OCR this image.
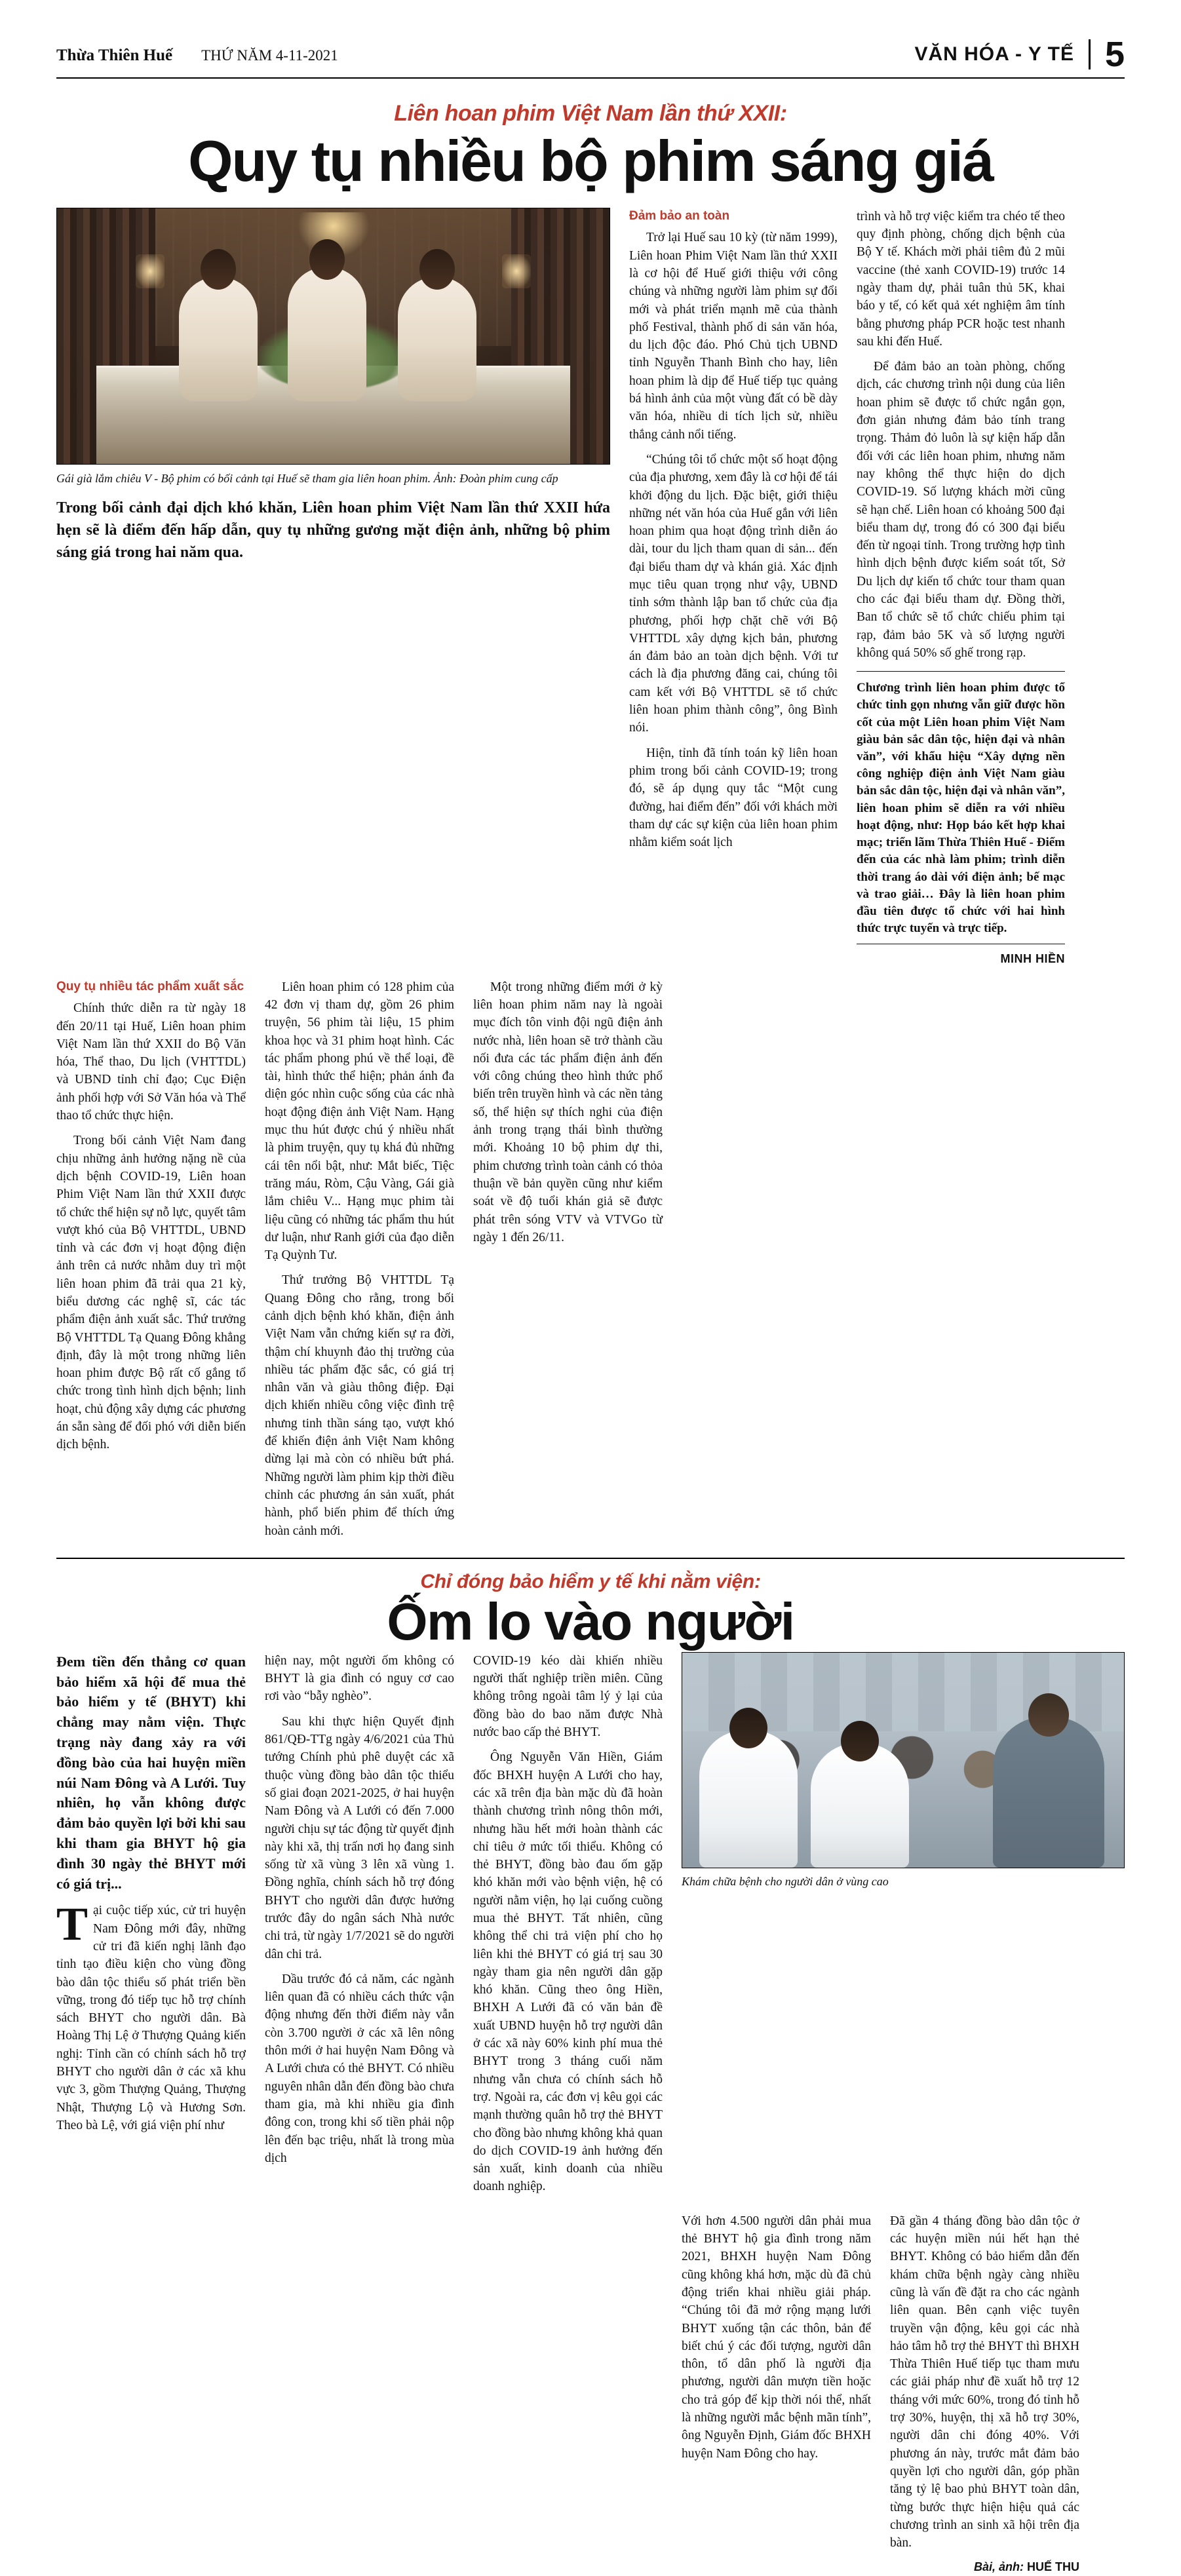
Thừa Thiên Huế THỨ NĂM 4-11-2021	VĂN HÓA - Y TẾ 5
Liên hoan phim Việt Nam lần thứ XXII:
Quy tụ nhiều bộ phim sáng giá
Gái già lắm chiêu V - Bộ phim có bối cảnh tại Huế sẽ tham gia liên hoan phim. Ảnh: Đoàn phim cung cấp
Trong bối cảnh đại dịch khó khăn, Liên hoan phim Việt Nam lần thứ XXII hứa hẹn sẽ là điểm đến hấp dẫn, quy tụ những gương mặt điện ảnh, những bộ phim sáng giá trong hai năm qua.
Đảm bảo an toàn

Trở lại Huế sau 10 kỳ (từ năm 1999), Liên hoan Phim Việt Nam lần thứ XXII là cơ hội để Huế giới thiệu với công chúng và những người làm phim sự đổi mới và phát triển mạnh mẽ của thành phố Festival, thành phố di sản văn hóa, du lịch độc đáo. Phó Chủ tịch UBND tỉnh Nguyễn Thanh Bình cho hay, liên hoan phim là dịp để Huế tiếp tục quảng bá hình ảnh của một vùng đất có bề dày văn hóa, nhiều di tích lịch sử, nhiều thắng cảnh nổi tiếng.

“Chúng tôi tổ chức một số hoạt động của địa phương, xem đây là cơ hội để tái khởi động du lịch. Đặc biệt, giới thiệu những nét văn hóa của Huế gắn với liên hoan phim qua hoạt động trình diễn áo dài, tour du lịch tham quan di sản... đến đại biểu tham dự và khán giả. Xác định mục tiêu quan trọng như vậy, UBND tỉnh sớm thành lập ban tổ chức của địa phương, phối hợp chặt chẽ với Bộ VHTTDL xây dựng kịch bản, phương án đảm bảo an toàn dịch bệnh. Với tư cách là địa phương đăng cai, chúng tôi cam kết với Bộ VHTTDL sẽ tổ chức liên hoan phim thành công”, ông Bình nói.

Hiện, tỉnh đã tính toán kỹ liên hoan phim trong bối cảnh COVID-19; trong đó, sẽ áp dụng quy tắc “Một cung đường, hai điểm đến” đối với khách mời tham dự các sự kiện của liên hoan phim nhằm kiểm soát lịch

trình và hỗ trợ việc kiểm tra chéo tế theo quy định phòng, chống dịch bệnh của Bộ Y tế. Khách mời phải tiêm đủ 2 mũi vaccine (thẻ xanh COVID-19) trước 14 ngày tham dự, phải tuân thủ 5K, khai báo y tế, có kết quả xét nghiệm âm tính bằng phương pháp PCR hoặc test nhanh sau khi đến Huế.

Để đảm bảo an toàn phòng, chống dịch, các chương trình nội dung của liên hoan phim sẽ được tổ chức ngắn gọn, đơn giản nhưng đảm bảo tính trang trọng. Thảm đỏ luôn là sự kiện hấp dẫn đối với các liên hoan phim, nhưng năm nay không thể thực hiện do dịch COVID-19. Số lượng khách mời cũng sẽ hạn chế. Liên hoan có khoảng 500 đại biểu tham dự, trong đó có 300 đại biểu đến từ ngoại tỉnh. Trong trường hợp tình hình dịch bệnh được kiểm soát tốt, Sở Du lịch dự kiến tổ chức tour tham quan cho các đại biểu tham dự. Đồng thời, Ban tổ chức sẽ tổ chức chiếu phim tại rạp, đảm bảo 5K và số lượng người không quá 50% số ghế trong rạp.

Chương trình liên hoan phim được tổ chức tinh gọn nhưng vẫn giữ được hồn cốt của một Liên hoan phim Việt Nam giàu bản sắc dân tộc, hiện đại và nhân văn”, với khẩu hiệu “Xây dựng nền công nghiệp điện ảnh Việt Nam giàu bản sắc dân tộc, hiện đại và nhân văn”, liên hoan phim sẽ diễn ra với nhiều hoạt động, như: Họp báo kết hợp khai mạc; triển lãm Thừa Thiên Huế - Điểm đến của các nhà làm phim; trình diễn thời trang áo dài với điện ảnh; bế mạc và trao giải… Đây là liên hoan phim đầu tiên được tổ chức với hai hình thức trực tuyến và trực tiếp.
MINH HIỀN
Quy tụ nhiều tác phẩm xuất sắc

Chính thức diễn ra từ ngày 18 đến 20/11 tại Huế, Liên hoan phim Việt Nam lần thứ XXII do Bộ Văn hóa, Thể thao, Du lịch (VHTTDL) và UBND tỉnh chỉ đạo; Cục Điện ảnh phối hợp với Sở Văn hóa và Thể thao tổ chức thực hiện.

Trong bối cảnh Việt Nam đang chịu những ảnh hưởng nặng nề của dịch bệnh COVID-19, Liên hoan Phim Việt Nam lần thứ XXII được tổ chức thể hiện sự nỗ lực, quyết tâm vượt khó của Bộ VHTTDL, UBND tỉnh và các đơn vị hoạt động điện ảnh trên cả nước nhằm duy trì một liên hoan phim đã trải qua 21 kỳ, biểu dương các nghệ sĩ, các tác phẩm điện ảnh xuất sắc. Thứ trưởng Bộ VHTTDL Tạ Quang Đông khẳng định, đây là một trong những liên hoan phim được Bộ rất cố gắng tổ chức trong tình hình dịch bệnh; linh hoạt, chủ động xây dựng các phương án sẵn sàng để đối phó với diễn biến dịch bệnh.

Liên hoan phim có 128 phim của 42 đơn vị tham dự, gồm 26 phim truyện, 56 phim tài liệu, 15 phim khoa học và 31 phim hoạt hình. Các tác phẩm phong phú về thể loại, đề tài, hình thức thể hiện; phản ánh đa diện góc nhìn cuộc sống của các nhà hoạt động điện ảnh Việt Nam. Hạng mục thu hút được chú ý nhiều nhất là phim truyện, quy tụ khá đủ những cái tên nổi bật, như: Mắt biếc, Tiệc trăng máu, Ròm, Cậu Vàng, Gái già lắm chiêu V... Hạng mục phim tài liệu cũng có những tác phẩm thu hút dư luận, như Ranh giới của đạo diễn Tạ Quỳnh Tư.

Thứ trưởng Bộ VHTTDL Tạ Quang Đông cho rằng, trong bối cảnh dịch bệnh khó khăn, điện ảnh Việt Nam vẫn chứng kiến sự ra đời, thậm chí khuynh đảo thị trường của nhiều tác phẩm đặc sắc, có giá trị nhân văn và giàu thông điệp. Đại dịch khiến nhiều công việc đình trệ nhưng tinh thần sáng tạo, vượt khó để khiến điện ảnh Việt Nam không dừng lại mà còn có nhiều bứt phá. Những người làm phim kịp thời điều chỉnh các phương án sản xuất, phát hành, phổ biến phim để thích ứng hoàn cảnh mới.

Một trong những điểm mới ở kỳ liên hoan phim năm nay là ngoài mục đích tôn vinh đội ngũ điện ảnh nước nhà, liên hoan sẽ trở thành cầu nối đưa các tác phẩm điện ảnh đến với công chúng theo hình thức phổ biến trên truyền hình và các nền tảng số, thể hiện sự thích nghi của điện ảnh trong trạng thái bình thường mới. Khoảng 10 bộ phim dự thi, phim chương trình toàn cảnh có thỏa thuận về bản quyền cũng như kiểm soát về độ tuổi khán giả sẽ được phát trên sóng VTV và VTVGo từ ngày 1 đến 26/11.

Chỉ đóng bảo hiểm y tế khi nằm viện:
Ốm lo vào người
Đem tiền đến thẳng cơ quan bảo hiểm xã hội để mua thẻ bảo hiểm y tế (BHYT) khi chẳng may nằm viện. Thực trạng này đang xảy ra với đồng bào của hai huyện miền núi Nam Đông và A Lưới. Tuy nhiên, họ vẫn không được đảm bảo quyền lợi bởi khi sau khi tham gia BHYT hộ gia đình 30 ngày thẻ BHYT mới có giá trị...
Tại cuộc tiếp xúc, cử tri huyện Nam Đông mới đây, những cử tri đã kiến nghị lãnh đạo tỉnh tạo điều kiện cho vùng đồng bào dân tộc thiểu số phát triển bền vững, trong đó tiếp tục hỗ trợ chính sách BHYT cho người dân. Bà Hoàng Thị Lệ ở Thượng Quảng kiến nghị: Tỉnh cần có chính sách hỗ trợ BHYT cho người dân ở các xã khu vực 3, gồm Thượng Quảng, Thượng Nhật, Thượng Lộ và Hương Sơn. Theo bà Lệ, với giá viện phí như

hiện nay, một người ốm không có BHYT là gia đình có nguy cơ cao rơi vào “bẫy nghèo”.

Sau khi thực hiện Quyết định 861/QĐ-TTg ngày 4/6/2021 của Thủ tướng Chính phủ phê duyệt các xã thuộc vùng đồng bào dân tộc thiểu số giai đoạn 2021-2025, ở hai huyện Nam Đông và A Lưới có đến 7.000 người chịu sự tác động từ quyết định này khi xã, thị trấn nơi họ đang sinh sống từ xã vùng 3 lên xã vùng 1. Đồng nghĩa, chính sách hỗ trợ đóng BHYT cho người dân được hưởng trước đây do ngân sách Nhà nước chi trả, từ ngày 1/7/2021 sẽ do người dân chi trả.

Dầu trước đó cả năm, các ngành liên quan đã có nhiều cách thức vận động nhưng đến thời điểm này vẫn còn 3.700 người ở các xã lên nông thôn mới ở hai huyện Nam Đông và A Lưới chưa có thẻ BHYT. Có nhiều nguyên nhân dẫn đến đồng bào chưa tham gia, mà khi nhiều gia đình đông con, trong khi số tiền phải nộp lên đến bạc triệu, nhất là trong mùa dịch

COVID-19 kéo dài khiến nhiều người thất nghiệp triền miên. Cũng không trông ngoài tâm lý ỷ lại của đồng bào do bao năm được Nhà nước bao cấp thẻ BHYT.

Ông Nguyễn Văn Hiền, Giám đốc BHXH huyện A Lưới cho hay, các xã trên địa bàn mặc dù đã hoàn thành chương trình nông thôn mới, nhưng hầu hết mới hoàn thành các chỉ tiêu ở mức tối thiểu. Không có thẻ BHYT, đồng bào đau ốm gặp khó khăn mới vào bệnh viện, hệ có người nằm viện, họ lại cuống cuồng mua thẻ BHYT. Tất nhiên, cũng không thể chi trả viện phí cho họ liên khi thẻ BHYT có giá trị sau 30 ngày tham gia nên người dân gặp khó khăn. Cũng theo ông Hiền, BHXH A Lưới đã có văn bản đề xuất UBND huyện hỗ trợ người dân ở các xã này 60% kinh phí mua thẻ BHYT trong 3 tháng cuối năm nhưng vẫn chưa có chính sách hỗ trợ. Ngoài ra, các đơn vị kêu gọi các mạnh thường quân hỗ trợ thẻ BHYT cho đồng bào nhưng không khả quan do dịch COVID-19 ảnh hưởng đến sản xuất, kinh doanh của nhiều doanh nghiệp.

Khám chữa bệnh cho người dân ở vùng cao

Với hơn 4.500 người dân phải mua thẻ BHYT hộ gia đình trong năm 2021, BHXH huyện Nam Đông cũng không khá hơn, mặc dù đã chủ động triển khai nhiều giải pháp. “Chúng tôi đã mở rộng mạng lưới BHYT xuống tận các thôn, bản để biết chú ý các đối tượng, người dân thôn, tổ dân phố là người địa phương, người dân mượn tiền hoặc cho trả góp để kịp thời nói thể, nhất là những người mắc bệnh mãn tính”, ông Nguyễn Định, Giám đốc BHXH huyện Nam Đông cho hay.

Đã gần 4 tháng đồng bào dân tộc ở các huyện miền núi hết hạn thẻ BHYT. Không có bảo hiểm dẫn đến khám chữa bệnh ngày càng nhiều cũng là vấn đề đặt ra cho các ngành liên quan. Bên cạnh việc tuyên truyền vận động, kêu gọi các nhà hảo tâm hỗ trợ thẻ BHYT thì BHXH Thừa Thiên Huế tiếp tục tham mưu các giải pháp như đề xuất hỗ trợ 12 tháng với mức 60%, trong đó tỉnh hỗ trợ 30%, huyện, thị xã hỗ trợ 30%, người dân chi đóng 40%. Với phương án này, trước mắt đảm bảo quyền lợi cho người dân, góp phần tăng tỷ lệ bao phủ BHYT toàn dân, từng bước thực hiện hiệu quả các chương trình an sinh xã hội trên địa bàn.

Bài, ảnh: HUẾ THU
